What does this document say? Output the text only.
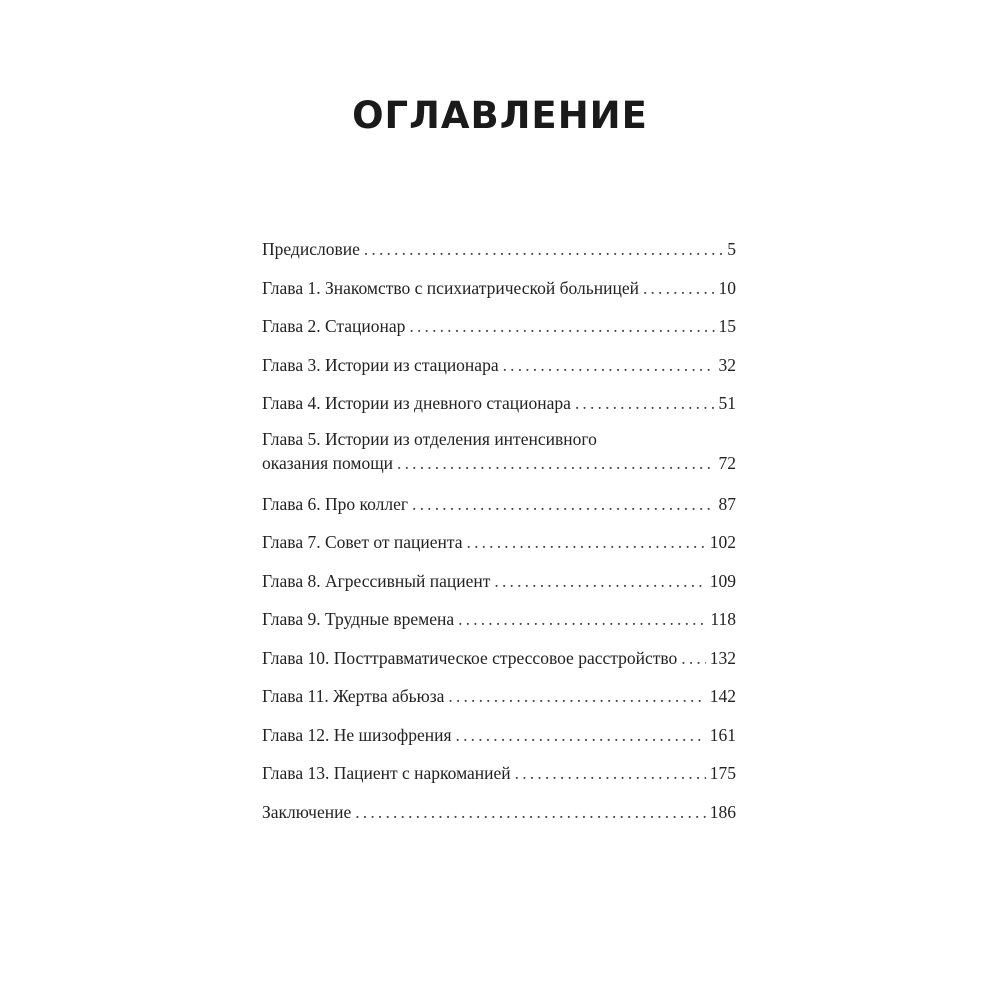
ОГЛАВЛЕНИЕ
Предисловие . . .	5
Глава 1. Знакомство с психиатрической больницей . . .	10
Глава 2. Стационар . . .	15
Глава 3. Истории из стационара . . .	32
Глава 4. Истории из дневного стационара . . .	51
Глава 5. Истории из отделения интенсивного
оказания помощи . . .	72
Глава 6. Про коллег . . .	87
Глава 7. Совет от пациента . . .	102
Глава 8. Агрессивный пациент . . .	109
Глава 9. Трудные времена . . .	118
Глава 10. Посттравматическое стрессовое расстройство . . . 132
Глава 11. Жертва абьюза . . .	142
Глава 12. Не шизофрения . . .	161
Глава 13. Пациент с наркоманией . . .	175
Заключение . . .	186
